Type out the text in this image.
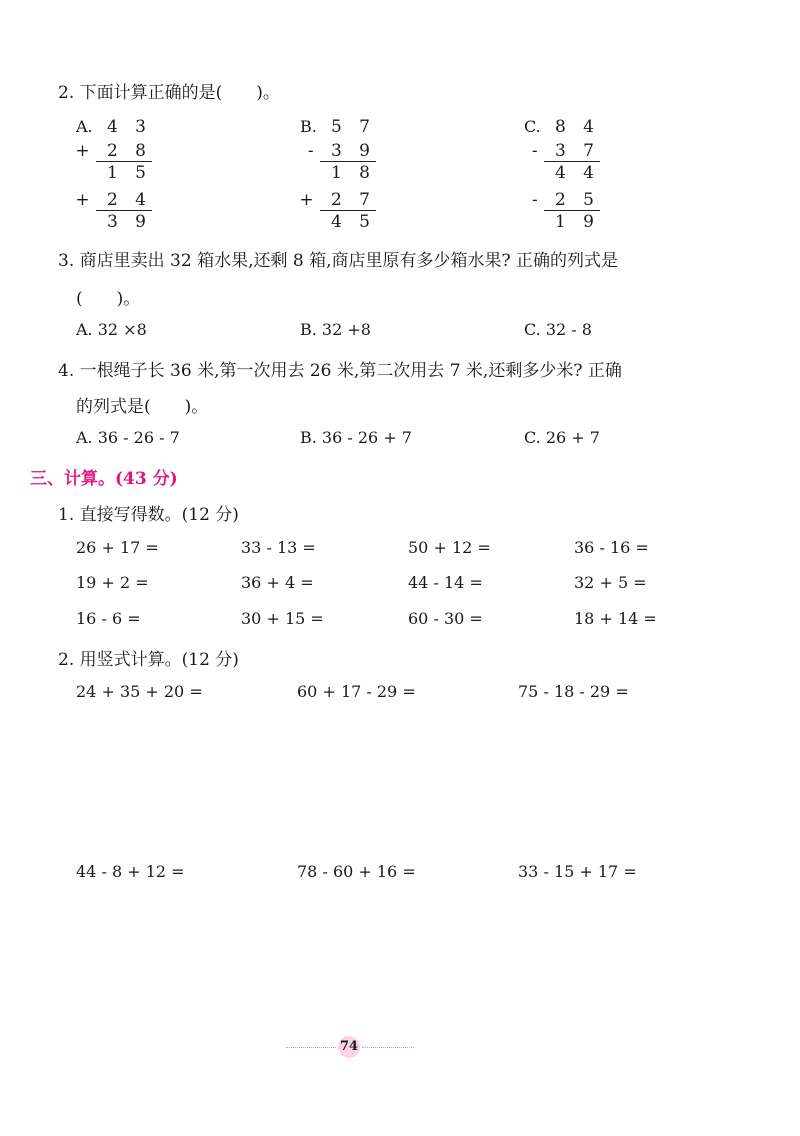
2. 下面计算正确的是(　　)。
A. 4 3
+ 2 8
1 5
+ 2 4
3 9
B. 5 7
- 3 9
1 8
+ 2 7
4 5
C. 8 4
- 3 7
4 4
- 2 5
1 9
3. 商店里卖出 32 箱水果,还剩 8 箱,商店里原有多少箱水果? 正确的列式是
(　　)。
A. 32 ×8	B. 32 +8	C. 32 - 8
4. 一根绳子长 36 米,第一次用去 26 米,第二次用去 7 米,还剩多少米? 正确
的列式是(　　)。
A. 36 - 26 - 7	B. 36 - 26 + 7	C. 26 + 7
三、计算。(43 分)
1. 直接写得数。(12 分)
26 + 17 =	33 - 13 =	50 + 12 =	36 - 16 =
19 + 2 =	36 + 4 =	44 - 14 =	32 + 5 =
16 - 6 =	30 + 15 =	60 - 30 =	18 + 14 =
2. 用竖式计算。(12 分)
24 + 35 + 20 =	60 + 17 - 29 =	75 - 18 - 29 =
44 - 8 + 12 =	78 - 60 + 16 =	33 - 15 + 17 =
74
